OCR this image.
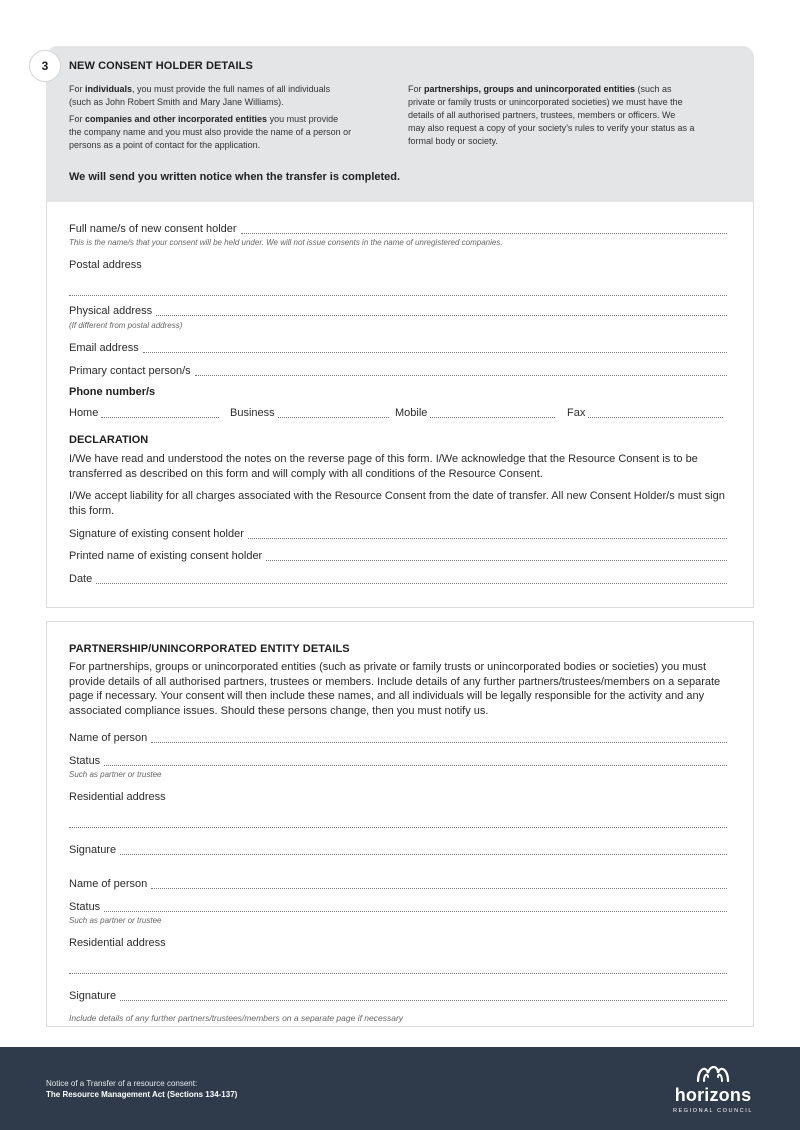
3	NEW CONSENT HOLDER DETAILS
For individuals, you must provide the full names of all individuals
(such as John Robert Smith and Mary Jane Williams).
For companies and other incorporated entities you must provide
the company name and you must also provide the name of a person or
persons as a point of contact for the application.
For partnerships, groups and unincorporated entities (such as
private or family trusts or unincorporated societies) we must have the
details of all authorised partners, trustees, members or officers. We
may also request a copy of your society’s rules to verify your status as a
formal body or society.
We will send you written notice when the transfer is completed.
Full name/s of new consent holder
This is the name/s that your consent will be held under. We will not issue consents in the name of unregistered companies.
Postal address
Physical address
(If different from postal address)
Email address
Primary contact person/s
Phone number/s
Home	Business	Mobile	Fax
DECLARATION
I/We have read and understood the notes on the reverse page of this form. I/We acknowledge that the Resource Consent is to be transferred as described on this form and will comply with all conditions of the Resource Consent.
I/We accept liability for all charges associated with the Resource Consent from the date of transfer. All new Consent Holder/s must sign this form.
Signature of existing consent holder
Printed name of existing consent holder
Date
PARTNERSHIP/UNINCORPORATED ENTITY DETAILS
For partnerships, groups or unincorporated entities (such as private or family trusts or unincorporated bodies or societies) you must provide details of all authorised partners, trustees or members. Include details of any further partners/trustees/members on a separate page if necessary. Your consent will then include these names, and all individuals will be legally responsible for the activity and any associated compliance issues. Should these persons change, then you must notify us.
Name of person
Status
Such as partner or trustee
Residential address
Signature
Name of person
Status
Such as partner or trustee
Residential address
Signature
Include details of any further partners/trustees/members on a separate page if necessary
Notice of a Transfer of a resource consent:
The Resource Management Act (Sections 134-137)	horizons
REGIONAL COUNCIL
